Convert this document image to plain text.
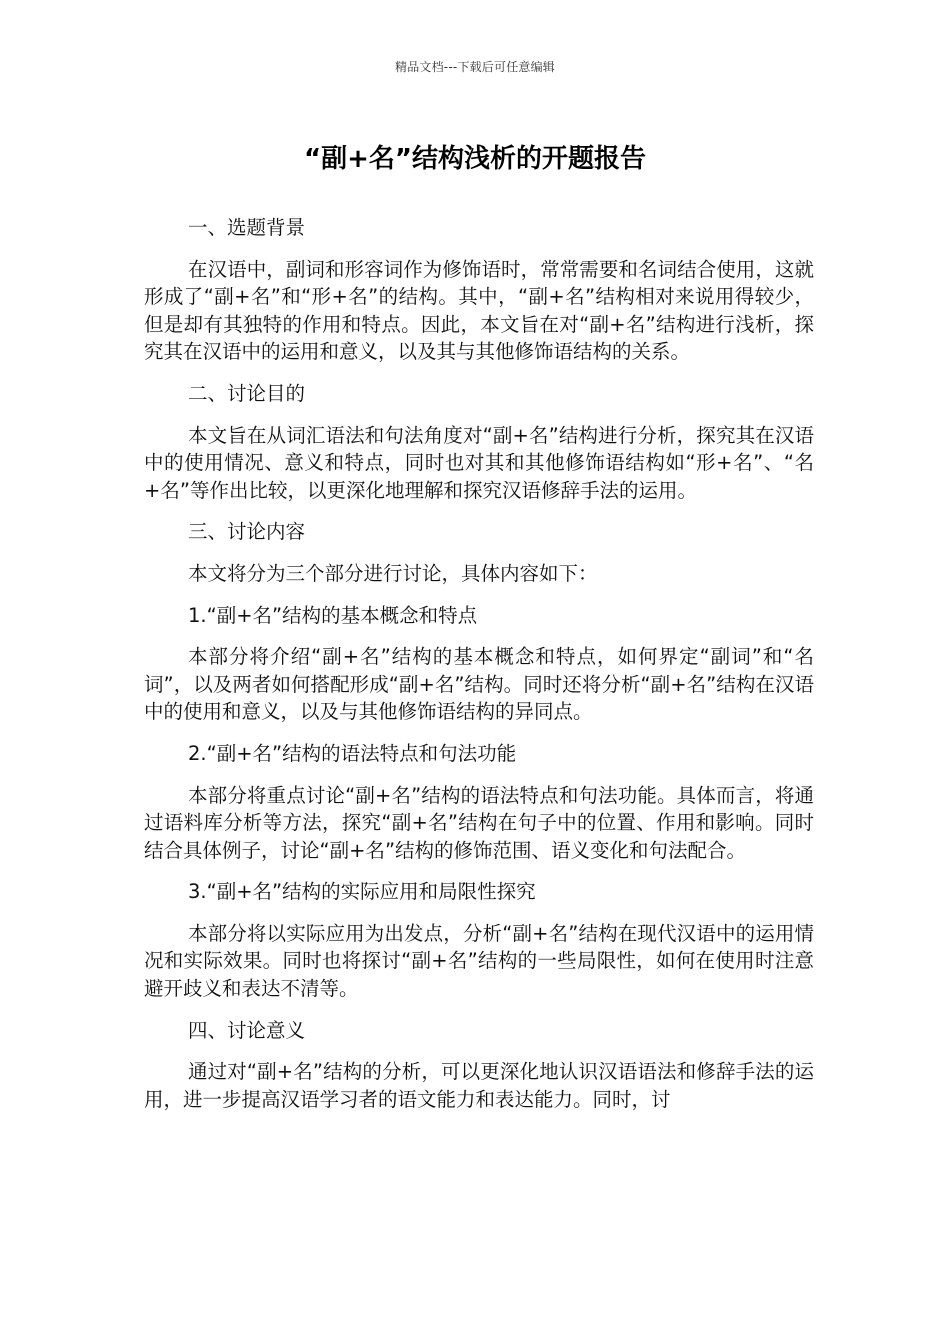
精品文档---下载后可任意编辑
“副+名”结构浅析的开题报告

一、选题背景

在汉语中，副词和形容词作为修饰语时，常常需要和名词结合使用，这就形成了“副+名”和“形+名”的结构。其中，“副+名”结构相对来说用得较少，但是却有其独特的作用和特点。因此，本文旨在对“副+名”结构进行浅析，探究其在汉语中的运用和意义，以及其与其他修饰语结构的关系。

二、讨论目的

本文旨在从词汇语法和句法角度对“副+名”结构进行分析，探究其在汉语中的使用情况、意义和特点，同时也对其和其他修饰语结构如“形+名”、“名+名”等作出比较，以更深化地理解和探究汉语修辞手法的运用。

三、讨论内容

本文将分为三个部分进行讨论，具体内容如下：

1.“副+名”结构的基本概念和特点

本部分将介绍“副+名”结构的基本概念和特点，如何界定“副词”和“名词”，以及两者如何搭配形成“副+名”结构。同时还将分析“副+名”结构在汉语中的使用和意义，以及与其他修饰语结构的异同点。

2.“副+名”结构的语法特点和句法功能

本部分将重点讨论“副+名”结构的语法特点和句法功能。具体而言，将通过语料库分析等方法，探究“副+名”结构在句子中的位置、作用和影响。同时结合具体例子，讨论“副+名”结构的修饰范围、语义变化和句法配合。

3.“副+名”结构的实际应用和局限性探究

本部分将以实际应用为出发点，分析“副+名”结构在现代汉语中的运用情况和实际效果。同时也将探讨“副+名”结构的一些局限性，如何在使用时注意避开歧义和表达不清等。

四、讨论意义

通过对“副+名”结构的分析，可以更深化地认识汉语语法和修辞手法的运用，进一步提高汉语学习者的语文能力和表达能力。同时，讨
